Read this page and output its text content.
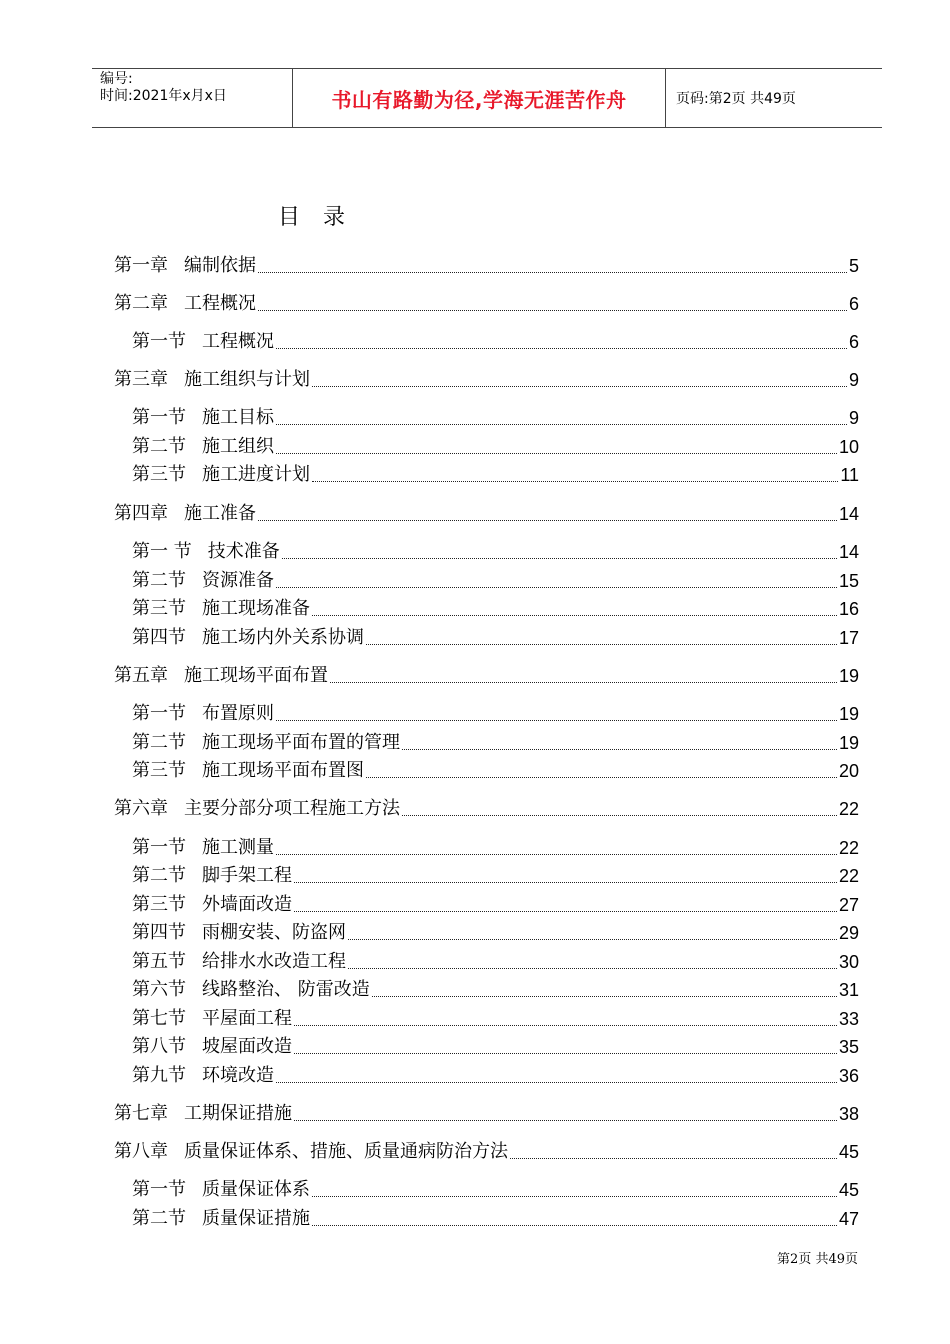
编号:
时间:2021年x月x日	书山有路勤为径,学海无涯苦作舟	页码:第2页 共49页
目 录
第一章 编制依据	5
第二章 工程概况	6
第一节 工程概况	6
第三章 施工组织与计划	9
第一节 施工目标	9
第二节 施工组织	10
第三节 施工进度计划	11
第四章 施工准备	14
第一 节 技术准备	14
第二节 资源准备	15
第三节 施工现场准备	16
第四节 施工场内外关系协调	17
第五章 施工现场平面布置	19
第一节 布置原则	19
第二节 施工现场平面布置的管理	19
第三节 施工现场平面布置图	20
第六章 主要分部分项工程施工方法	22
第一节 施工测量	22
第二节 脚手架工程	22
第三节 外墙面改造	27
第四节 雨棚安装、防盗网	29
第五节 给排水水改造工程	30
第六节 线路整治、 防雷改造	31
第七节 平屋面工程	33
第八节 坡屋面改造	35
第九节 环境改造	36
第七章 工期保证措施	38
第八章 质量保证体系、措施、质量通病防治方法	45
第一节 质量保证体系	45
第二节 质量保证措施	47
第2页 共49页
